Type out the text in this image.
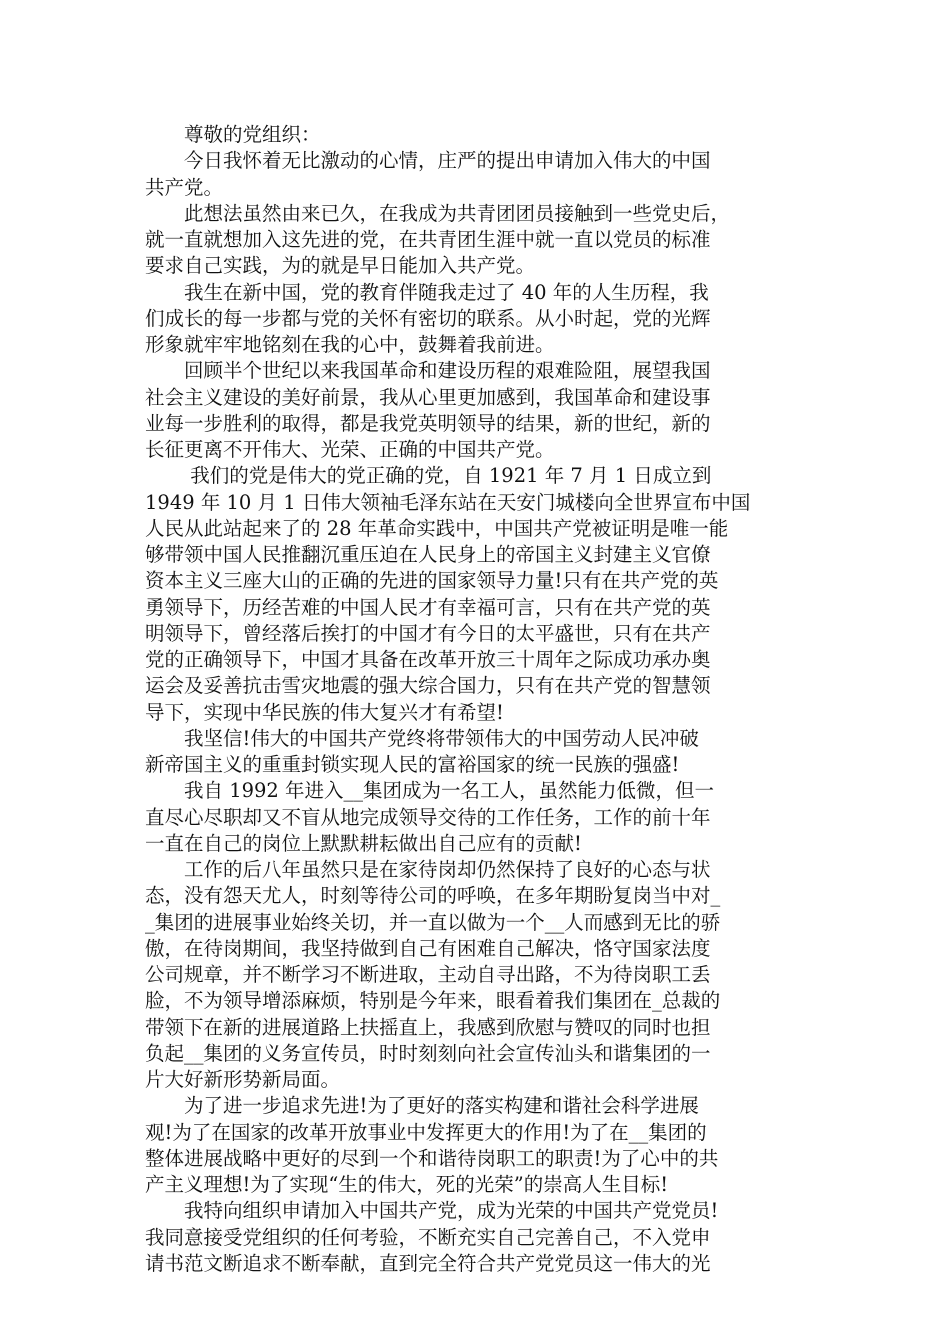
　　尊敬的党组织：
　　今日我怀着无比激动的心情，庄严的提出申请加入伟大的中国
共产党。
　　此想法虽然由来已久，在我成为共青团团员接触到一些党史后，
就一直就想加入这先进的党，在共青团生涯中就一直以党员的标准
要求自己实践，为的就是早日能加入共产党。
　　我生在新中国，党的教育伴随我走过了 40 年的人生历程，我
们成长的每一步都与党的关怀有密切的联系。从小时起，党的光辉
形象就牢牢地铭刻在我的心中，鼓舞着我前进。
　　回顾半个世纪以来我国革命和建设历程的艰难险阻，展望我国
社会主义建设的美好前景，我从心里更加感到，我国革命和建设事
业每一步胜利的取得，都是我党英明领导的结果，新的世纪，新的
长征更离不开伟大、光荣、正确的中国共产党。
　　 我们的党是伟大的党正确的党，自 1921 年 7 月 1 日成立到
1949 年 10 月 1 日伟大领袖毛泽东站在天安门城楼向全世界宣布中国
人民从此站起来了的 28 年革命实践中，中国共产党被证明是唯一能
够带领中国人民推翻沉重压迫在人民身上的帝国主义封建主义官僚
资本主义三座大山的正确的先进的国家领导力量!只有在共产党的英
勇领导下，历经苦难的中国人民才有幸福可言，只有在共产党的英
明领导下，曾经落后挨打的中国才有今日的太平盛世，只有在共产
党的正确领导下，中国才具备在改革开放三十周年之际成功承办奥
运会及妥善抗击雪灾地震的强大综合国力，只有在共产党的智慧领
导下，实现中华民族的伟大复兴才有希望!
　　我坚信!伟大的中国共产党终将带领伟大的中国劳动人民冲破
新帝国主义的重重封锁实现人民的富裕国家的统一民族的强盛!
　　我自 1992 年进入__集团成为一名工人，虽然能力低微，但一
直尽心尽职却又不盲从地完成领导交待的工作任务，工作的前十年
一直在自己的岗位上默默耕耘做出自己应有的贡献!
　　工作的后八年虽然只是在家待岗却仍然保持了良好的心态与状
态，没有怨天尤人，时刻等待公司的呼唤，在多年期盼复岗当中对_
_集团的进展事业始终关切，并一直以做为一个__人而感到无比的骄
傲，在待岗期间，我坚持做到自己有困难自己解决，恪守国家法度
公司规章，并不断学习不断进取，主动自寻出路，不为待岗职工丢
脸，不为领导增添麻烦，特别是今年来，眼看着我们集团在_总裁的
带领下在新的进展道路上扶摇直上，我感到欣慰与赞叹的同时也担
负起__集团的义务宣传员，时时刻刻向社会宣传汕头和谐集团的一
片大好新形势新局面。
　　为了进一步追求先进!为了更好的落实构建和谐社会科学进展
观!为了在国家的改革开放事业中发挥更大的作用!为了在__集团的
整体进展战略中更好的尽到一个和谐待岗职工的职责!为了心中的共
产主义理想!为了实现“生的伟大，死的光荣”的崇高人生目标!
　　我特向组织申请加入中国共产党，成为光荣的中国共产党党员!
我同意接受党组织的任何考验，不断充实自己完善自己，不入党申
请书范文断追求不断奉献，直到完全符合共产党党员这一伟大的光
